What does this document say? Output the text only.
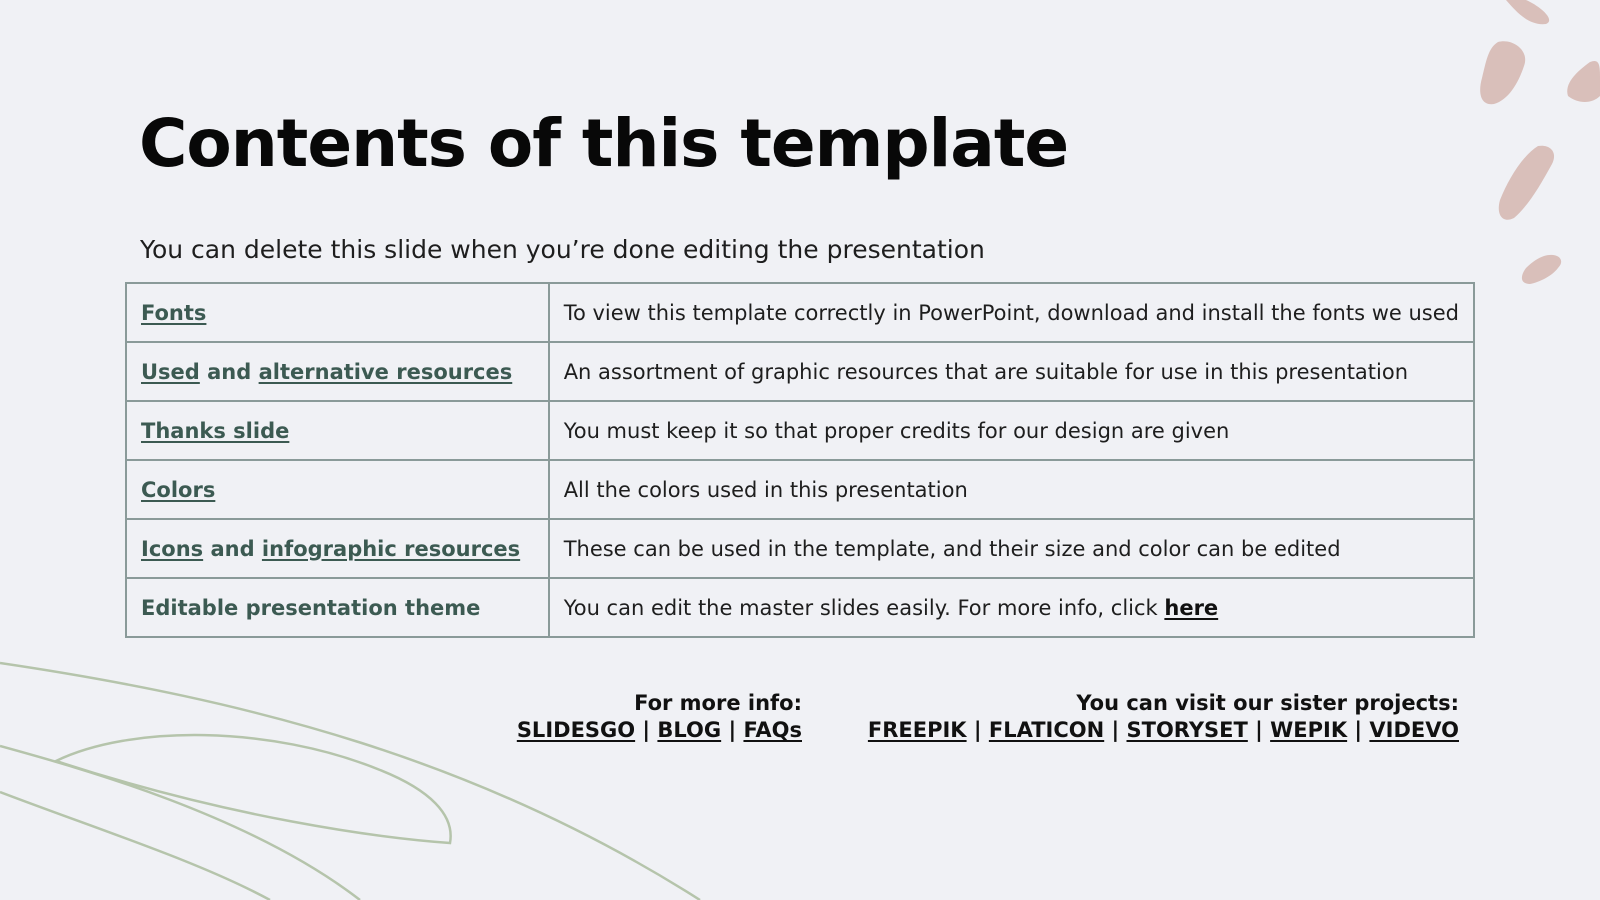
Contents of this template

You can delete this slide when you’re done editing the presentation

Fonts	To view this template correctly in PowerPoint, download and install the fonts we used
Used and alternative resources	An assortment of graphic resources that are suitable for use in this presentation
Thanks slide	You must keep it so that proper credits for our design are given
Colors	All the colors used in this presentation
Icons and infographic resources	These can be used in the template, and their size and color can be edited
Editable presentation theme	You can edit the master slides easily. For more info, click here
For more info:
SLIDESGO | BLOG | FAQs
You can visit our sister projects:
FREEPIK | FLATICON | STORYSET | WEPIK | VIDEVO
